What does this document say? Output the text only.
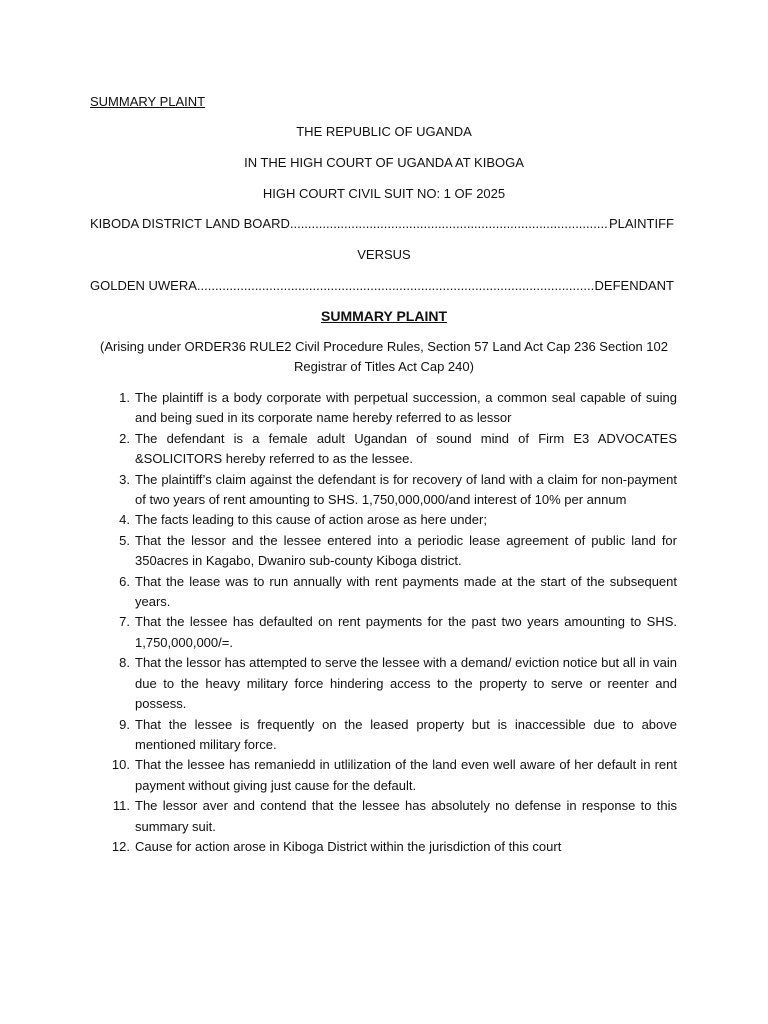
SUMMARY PLAINT
THE REPUBLIC OF UGANDA
IN THE HIGH COURT OF UGANDA AT KIBOGA
HIGH COURT CIVIL SUIT NO: 1 OF 2025
KIBODA DISTRICT LAND BOARD .....	PLAINTIFF
VERSUS
GOLDEN UWERA .....	DEFENDANT
SUMMARY PLAINT
(Arising under ORDER36 RULE2 Civil Procedure Rules, Section 57 Land Act Cap 236 Section 102 Registrar of Titles Act Cap 240)
1. The plaintiff is a body corporate with perpetual succession, a common seal capable of suing and being sued in its corporate name hereby referred to as lessor
2. The defendant is a female adult Ugandan of sound mind of Firm E3 ADVOCATES &SOLICITORS hereby referred to as the lessee.
3. The plaintiff’s claim against the defendant is for recovery of land with a claim for non-payment of two years of rent amounting to SHS. 1,750,000,000/and interest of 10% per annum
4. The facts leading to this cause of action arose as here under;
5. That the lessor and the lessee entered into a periodic lease agreement of public land for 350acres in Kagabo, Dwaniro sub-county Kiboga district.
6. That the lease was to run annually with rent payments made at the start of the subsequent years.
7. That the lessee has defaulted on rent payments for the past two years amounting to SHS. 1,750,000,000/=.
8. That the lessor has attempted to serve the lessee with a demand/ eviction notice but all in vain due to the heavy military force hindering access to the property to serve or reenter and possess.
9. That the lessee is frequently on the leased property but is inaccessible due to above mentioned military force.
10. That the lessee has remaniedd in utlilization of the land even well aware of her default in rent payment without giving just cause for the default.
11. The lessor aver and contend that the lessee has absolutely no defense in response to this summary suit.
12. Cause for action arose in Kiboga District within the jurisdiction of this court
